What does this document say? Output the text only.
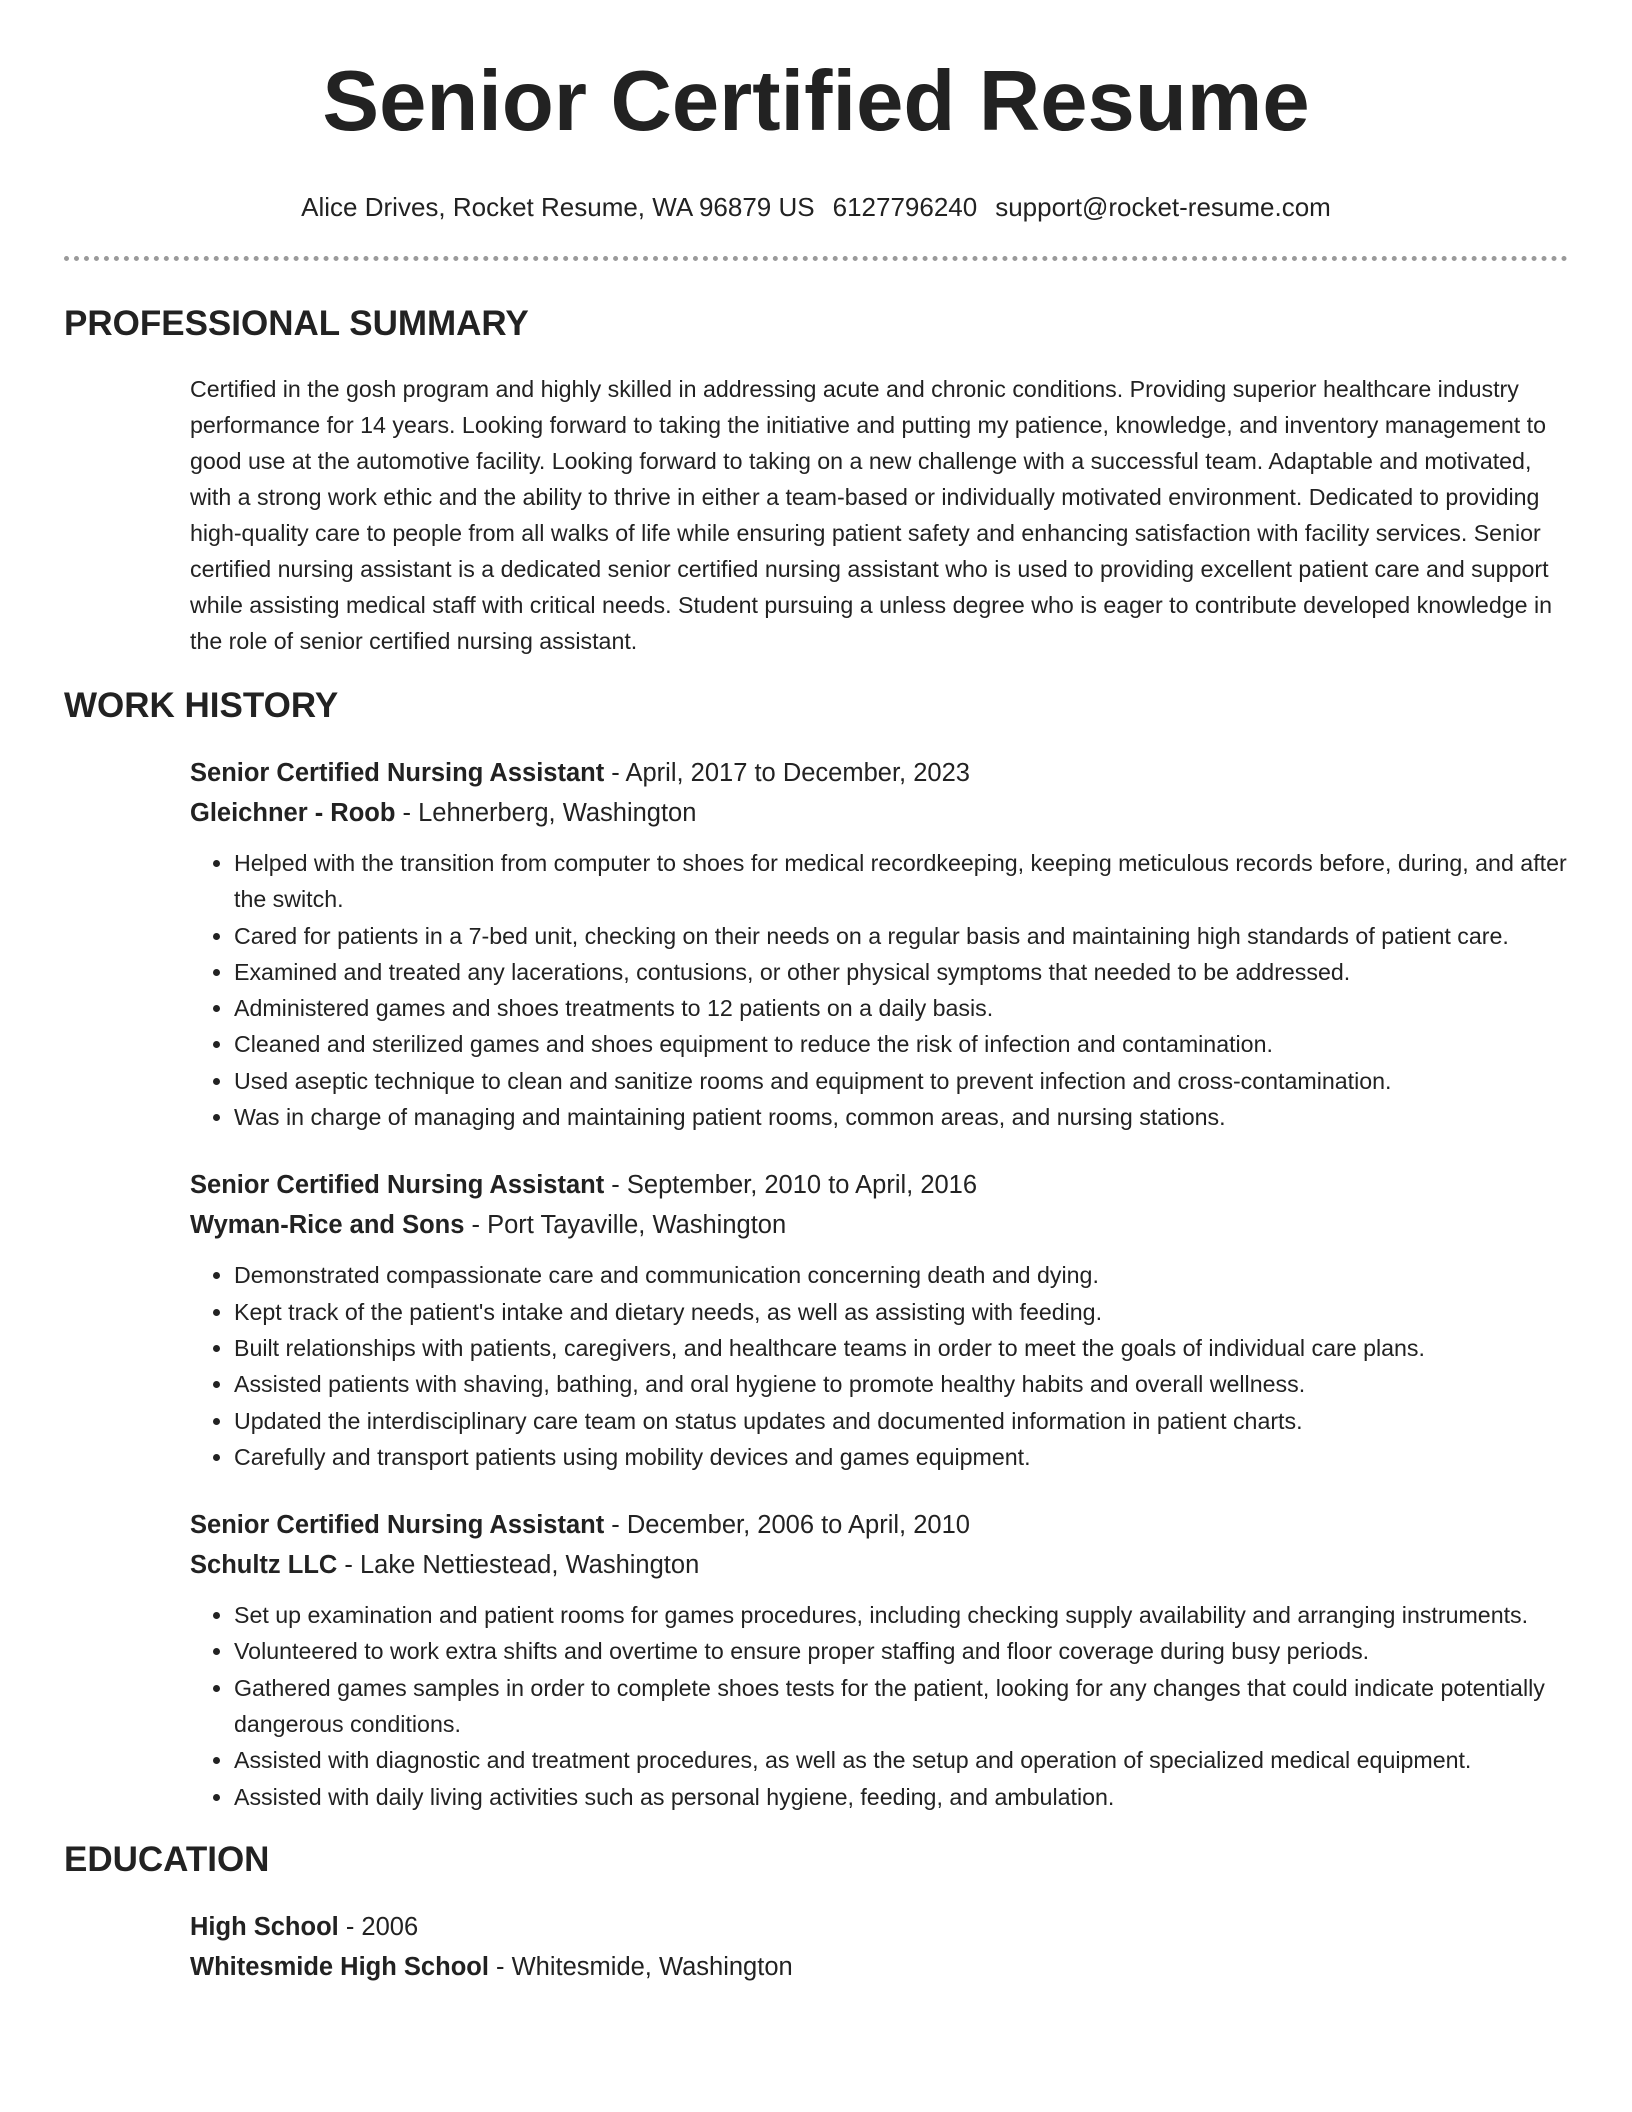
Senior Certified Resume
Alice Drives, Rocket Resume, WA 96879 US 6127796240 support@rocket-resume.com
PROFESSIONAL SUMMARY
Certified in the gosh program and highly skilled in addressing acute and chronic conditions. Providing superior healthcare industry performance for 14 years. Looking forward to taking the initiative and putting my patience, knowledge, and inventory management to good use at the automotive facility. Looking forward to taking on a new challenge with a successful team. Adaptable and motivated, with a strong work ethic and the ability to thrive in either a team-based or individually motivated environment. Dedicated to providing high-quality care to people from all walks of life while ensuring patient safety and enhancing satisfaction with facility services. Senior certified nursing assistant is a dedicated senior certified nursing assistant who is used to providing excellent patient care and support while assisting medical staff with critical needs. Student pursuing a unless degree who is eager to contribute developed knowledge in the role of senior certified nursing assistant.
WORK HISTORY
Senior Certified Nursing Assistant - April, 2017 to December, 2023
Gleichner - Roob - Lehnerberg, Washington
• Helped with the transition from computer to shoes for medical recordkeeping, keeping meticulous records before, during, and after the switch.
• Cared for patients in a 7-bed unit, checking on their needs on a regular basis and maintaining high standards of patient care.
• Examined and treated any lacerations, contusions, or other physical symptoms that needed to be addressed.
• Administered games and shoes treatments to 12 patients on a daily basis.
• Cleaned and sterilized games and shoes equipment to reduce the risk of infection and contamination.
• Used aseptic technique to clean and sanitize rooms and equipment to prevent infection and cross-contamination.
• Was in charge of managing and maintaining patient rooms, common areas, and nursing stations.
Senior Certified Nursing Assistant - September, 2010 to April, 2016
Wyman-Rice and Sons - Port Tayaville, Washington
• Demonstrated compassionate care and communication concerning death and dying.
• Kept track of the patient's intake and dietary needs, as well as assisting with feeding.
• Built relationships with patients, caregivers, and healthcare teams in order to meet the goals of individual care plans.
• Assisted patients with shaving, bathing, and oral hygiene to promote healthy habits and overall wellness.
• Updated the interdisciplinary care team on status updates and documented information in patient charts.
• Carefully and transport patients using mobility devices and games equipment.
Senior Certified Nursing Assistant - December, 2006 to April, 2010
Schultz LLC - Lake Nettiestead, Washington
• Set up examination and patient rooms for games procedures, including checking supply availability and arranging instruments.
• Volunteered to work extra shifts and overtime to ensure proper staffing and floor coverage during busy periods.
• Gathered games samples in order to complete shoes tests for the patient, looking for any changes that could indicate potentially dangerous conditions.
• Assisted with diagnostic and treatment procedures, as well as the setup and operation of specialized medical equipment.
• Assisted with daily living activities such as personal hygiene, feeding, and ambulation.
EDUCATION
High School - 2006
Whitesmide High School - Whitesmide, Washington
